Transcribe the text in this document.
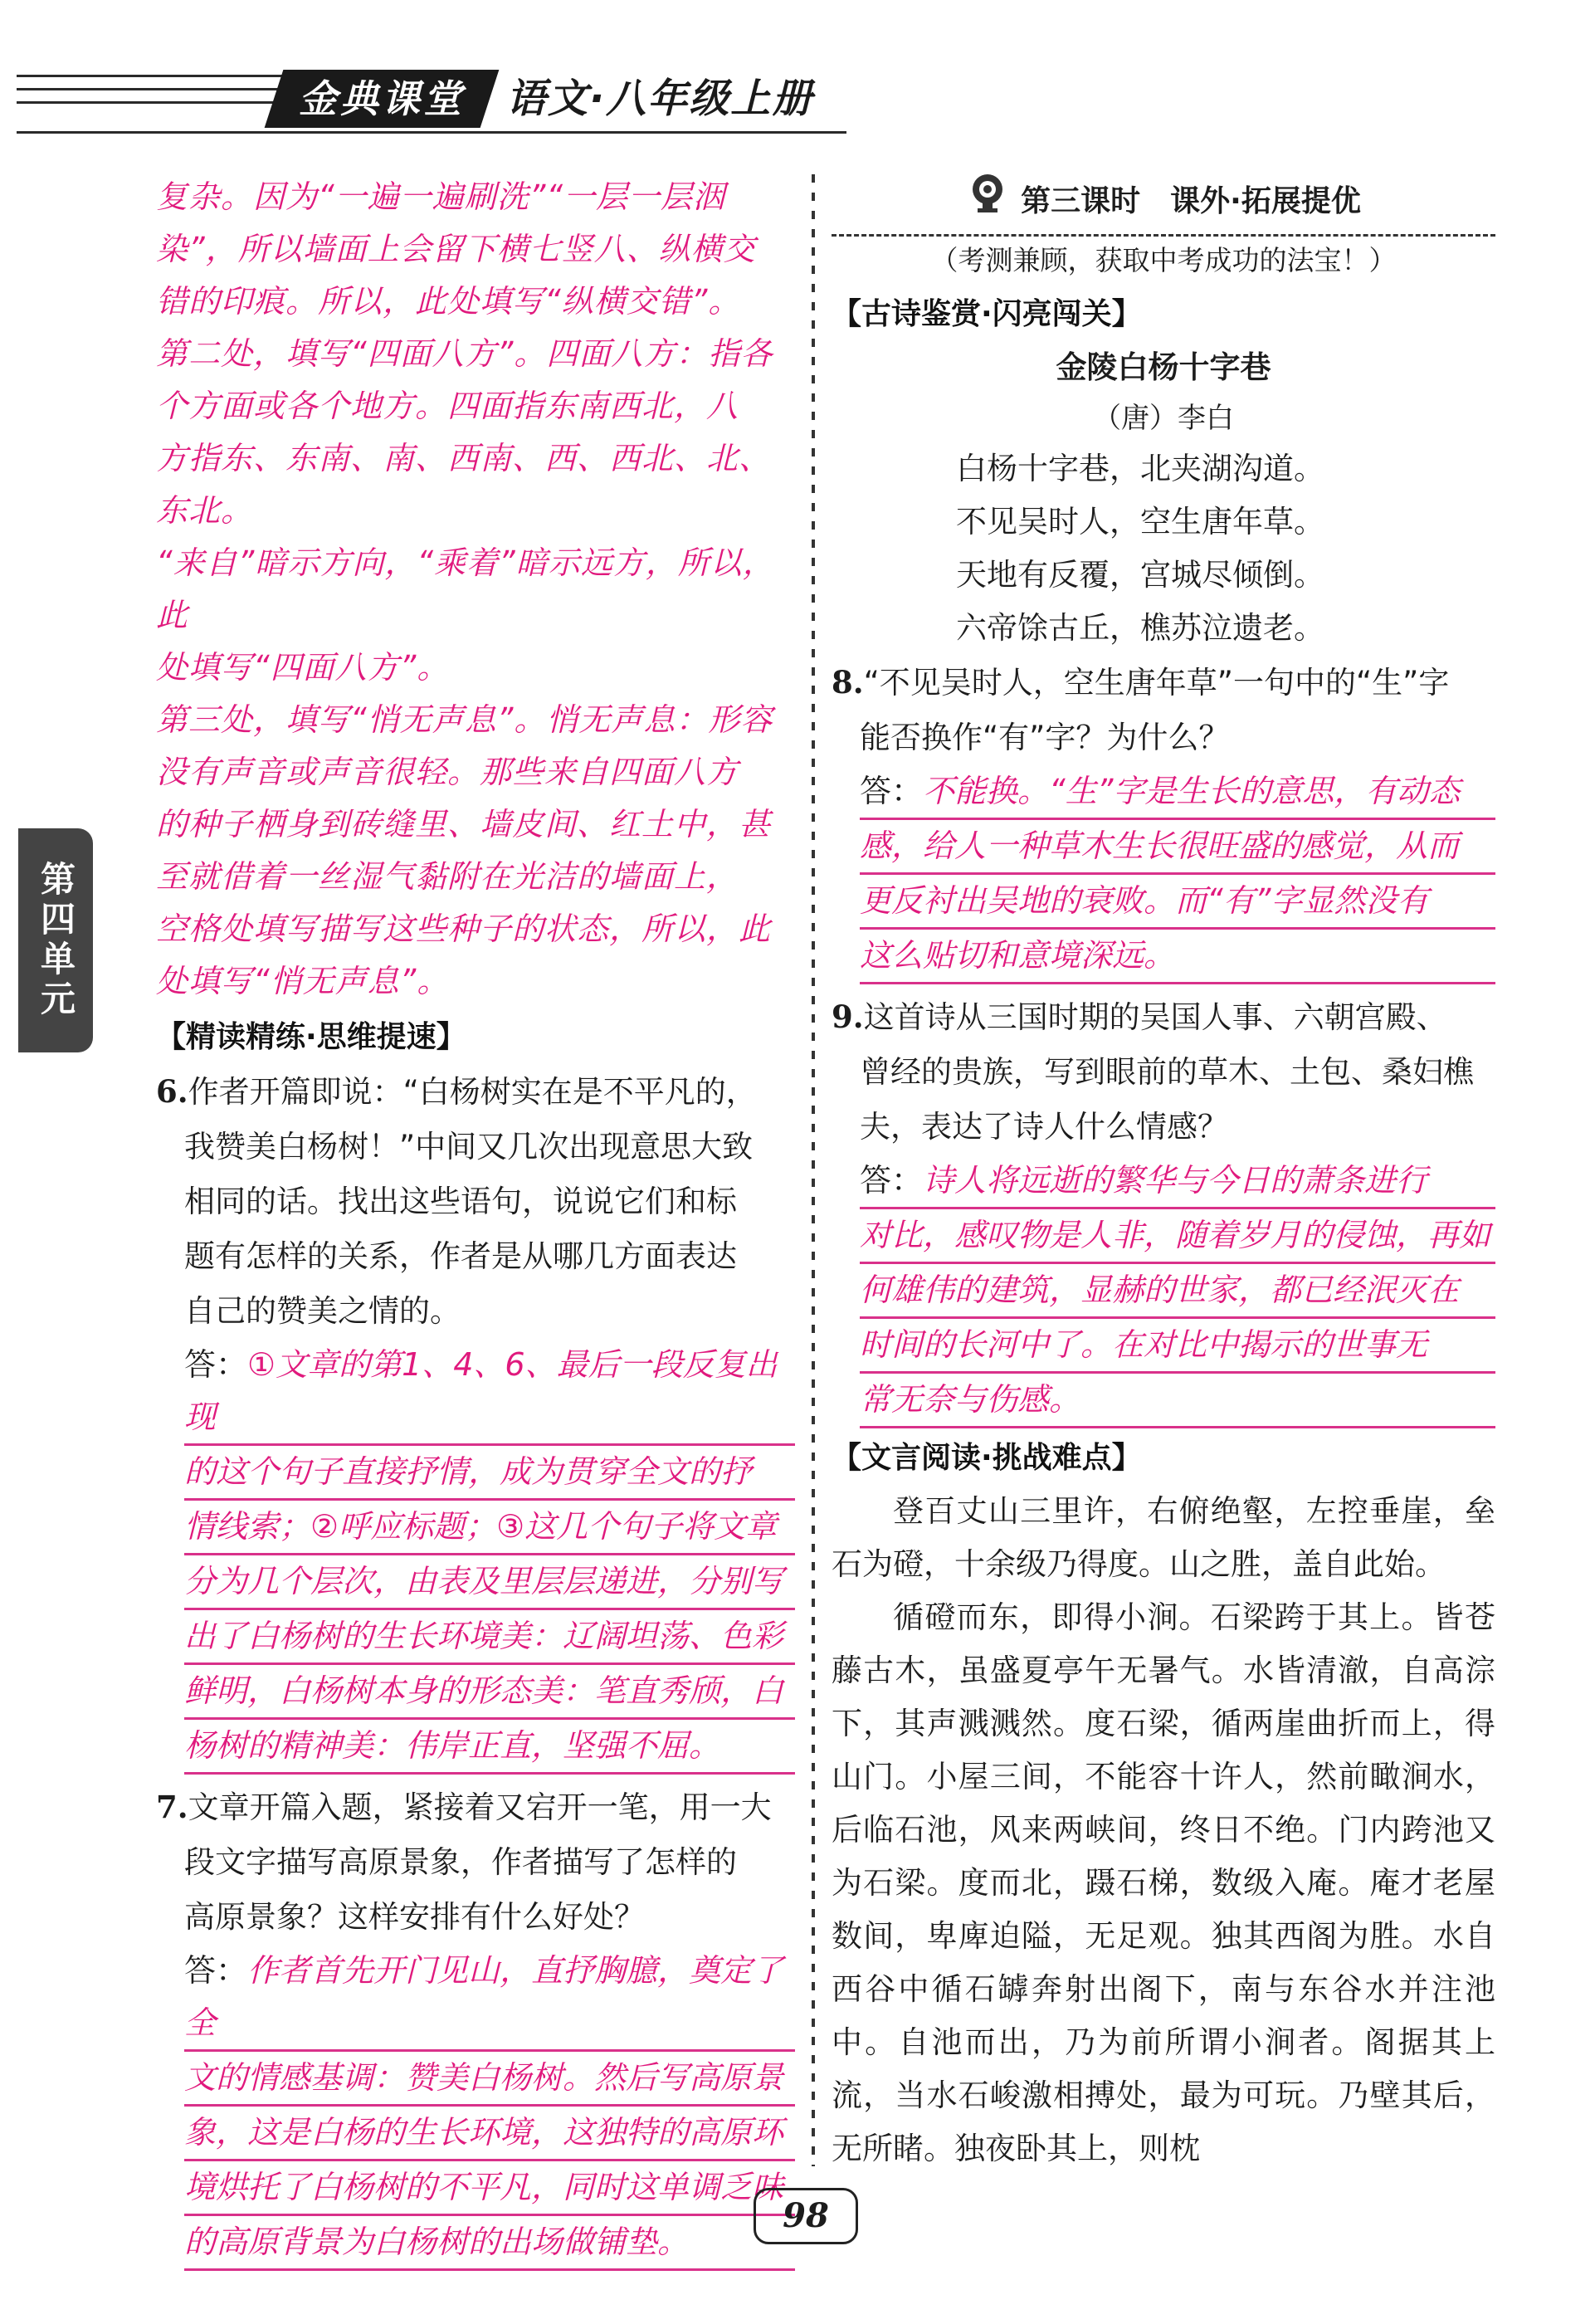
金典课堂	语文·八年级上册
第四单元

复杂。因为“一遍一遍刷洗”“一层一层洇

染”，所以墙面上会留下横七竖八、纵横交

错的印痕。所以，此处填写“纵横交错”。

第二处，填写“四面八方”。四面八方：指各

个方面或各个地方。四面指东南西北，八

方指东、东南、南、西南、西、西北、北、东北。

“来自”暗示方向，“乘着”暗示远方，所以，此

处填写“四面八方”。

第三处，填写“悄无声息”。悄无声息：形容

没有声音或声音很轻。那些来自四面八方

的种子栖身到砖缝里、墙皮间、红土中，甚

至就借着一丝湿气黏附在光洁的墙面上，

空格处填写描写这些种子的状态，所以，此

处填写“悄无声息”。

【精读精练·思维提速】
6.作者开篇即说：“白杨树实在是不平凡的，
我赞美白杨树！”中间又几次出现意思大致
相同的话。找出这些语句，说说它们和标
题有怎样的关系，作者是从哪几方面表达
自己的赞美之情的。
答：①文章的第1、4、6、最后一段反复出现
的这个句子直接抒情，成为贯穿全文的抒
情线索；②呼应标题；③这几个句子将文章
分为几个层次，由表及里层层递进，分别写
出了白杨树的生长环境美：辽阔坦荡、色彩
鲜明，白杨树本身的形态美：笔直秀颀，白
杨树的精神美：伟岸正直，坚强不屈。
7.文章开篇入题，紧接着又宕开一笔，用一大
段文字描写高原景象，作者描写了怎样的
高原景象？这样安排有什么好处？
答：作者首先开门见山，直抒胸臆，奠定了全
文的情感基调：赞美白杨树。然后写高原景
象，这是白杨的生长环境，这独特的高原环
境烘托了白杨树的不平凡，同时这单调乏味
的高原背景为白杨树的出场做铺垫。
第三课时　课外·拓展提优
（考测兼顾，获取中考成功的法宝！）
【古诗鉴赏·闪亮闯关】
金陵白杨十字巷
（唐）李白
白杨十字巷，北夹湖沟道。
不见吴时人，空生唐年草。
天地有反覆，宫城尽倾倒。
六帝馀古丘，樵苏泣遗老。
8.“不见吴时人，空生唐年草”一句中的“生”字
能否换作“有”字？为什么？
答：不能换。“生”字是生长的意思，有动态
感，给人一种草木生长很旺盛的感觉，从而
更反衬出吴地的衰败。而“有”字显然没有
这么贴切和意境深远。
9.这首诗从三国时期的吴国人事、六朝宫殿、
曾经的贵族，写到眼前的草木、土包、桑妇樵
夫，表达了诗人什么情感？
答：诗人将远逝的繁华与今日的萧条进行
对比，感叹物是人非，随着岁月的侵蚀，再如
何雄伟的建筑，显赫的世家，都已经泯灭在
时间的长河中了。在对比中揭示的世事无
常无奈与伤感。
【文言阅读·挑战难点】

登百丈山三里许，右俯绝壑，左控垂崖，垒石为磴，十余级乃得度。山之胜，盖自此始。

循磴而东，即得小涧。石梁跨于其上。皆苍藤古木，虽盛夏亭午无暑气。水皆清澈，自高淙下，其声溅溅然。度石梁，循两崖曲折而上，得山门。小屋三间，不能容十许人，然前瞰涧水，后临石池，风来两峡间，终日不绝。门内跨池又为石梁。度而北，蹑石梯，数级入庵。庵才老屋数间，卑庳迫隘，无足观。独其西阁为胜。水自西谷中循石罅奔射出阁下，南与东谷水并注池中。自池而出，乃为前所谓小涧者。阁据其上流，当水石峻激相搏处，最为可玩。乃壁其后，无所睹。独夜卧其上，则枕

98
